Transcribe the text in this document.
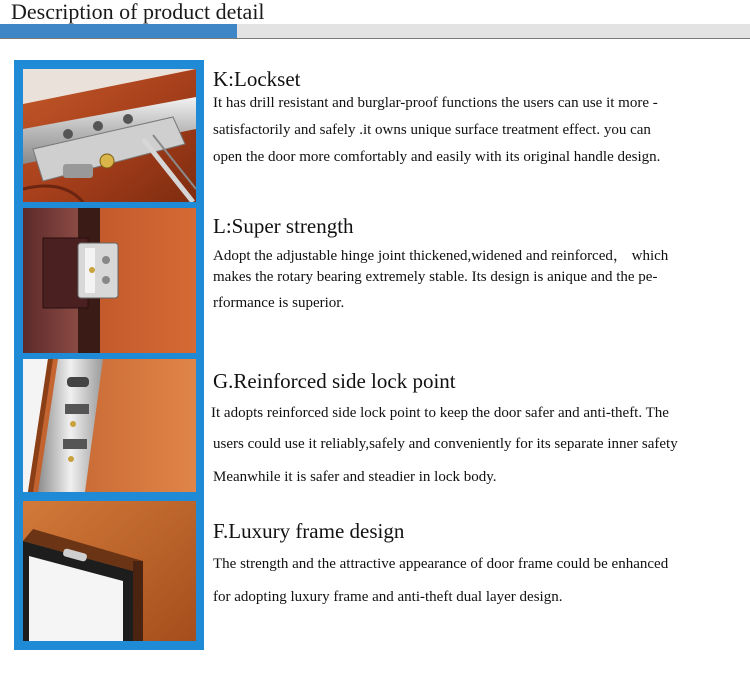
Description of product detail
K:Lockset
It has drill resistant and burglar-proof functions the users can use it more -
satisfactorily and safely .it owns unique surface treatment effect. you can
open the door more comfortably and easily with its original handle design.
L:Super strength
Adopt the adjustable hinge joint thickened,widened and reinforced， which
makes the rotary bearing extremely stable. Its design is anique and the pe-
rformance is superior.
G.Reinforced side lock point
It adopts reinforced side lock point to keep the door safer and anti-theft. The
users could use it reliably,safely and conveniently for its separate inner safety
Meanwhile it is safer and steadier in lock body.
F.Luxury frame design
The strength and the attractive appearance of door frame could be enhanced
for adopting luxury frame and anti-theft dual layer design.
